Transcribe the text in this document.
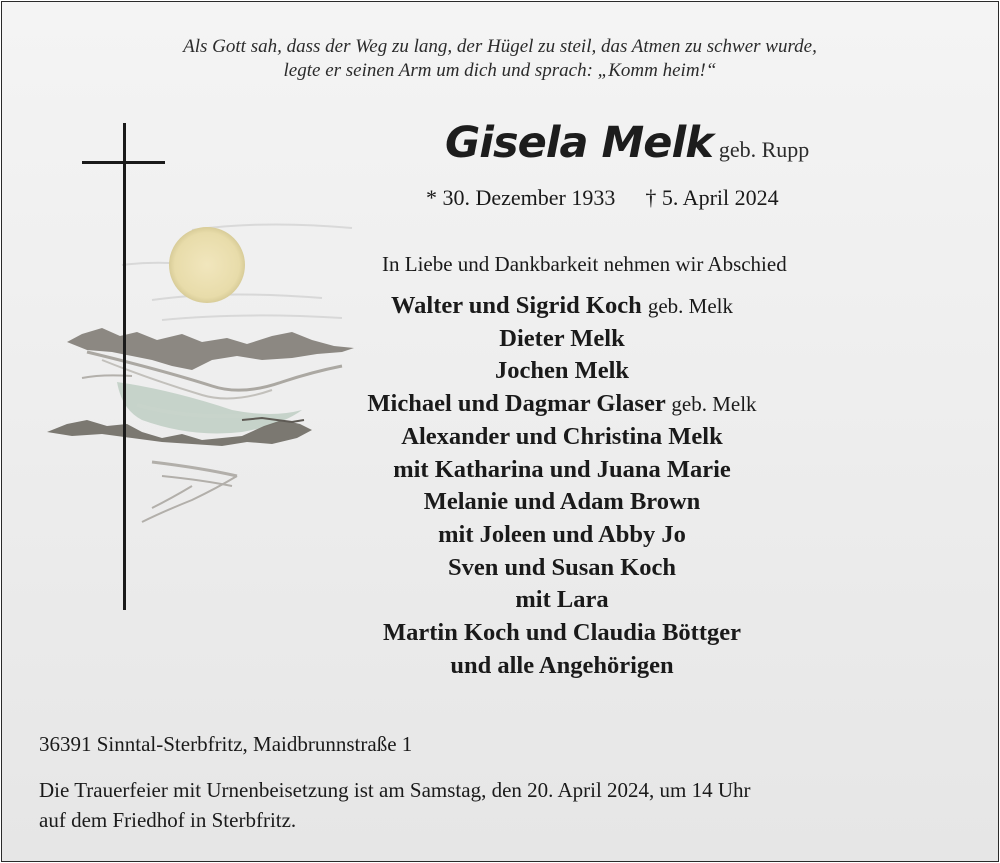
Als Gott sah, dass der Weg zu lang, der Hügel zu steil, das Atmen zu schwer wurde,
legte er seinen Arm um dich und sprach: „Komm heim!“
Gisela Melk geb. Rupp
* 30. Dezember 1933 † 5. April 2024
In Liebe und Dankbarkeit nehmen wir Abschied
Walter und Sigrid Koch geb. Melk
Dieter Melk
Jochen Melk
Michael und Dagmar Glaser geb. Melk
Alexander und Christina Melk
mit Katharina und Juana Marie
Melanie und Adam Brown
mit Joleen und Abby Jo
Sven und Susan Koch
mit Lara
Martin Koch und Claudia Böttger
und alle Angehörigen
36391 Sinntal-Sterbfritz, Maidbrunnstraße 1
Die Trauerfeier mit Urnenbeisetzung ist am Samstag, den 20. April 2024, um 14 Uhr
auf dem Friedhof in Sterbfritz.
